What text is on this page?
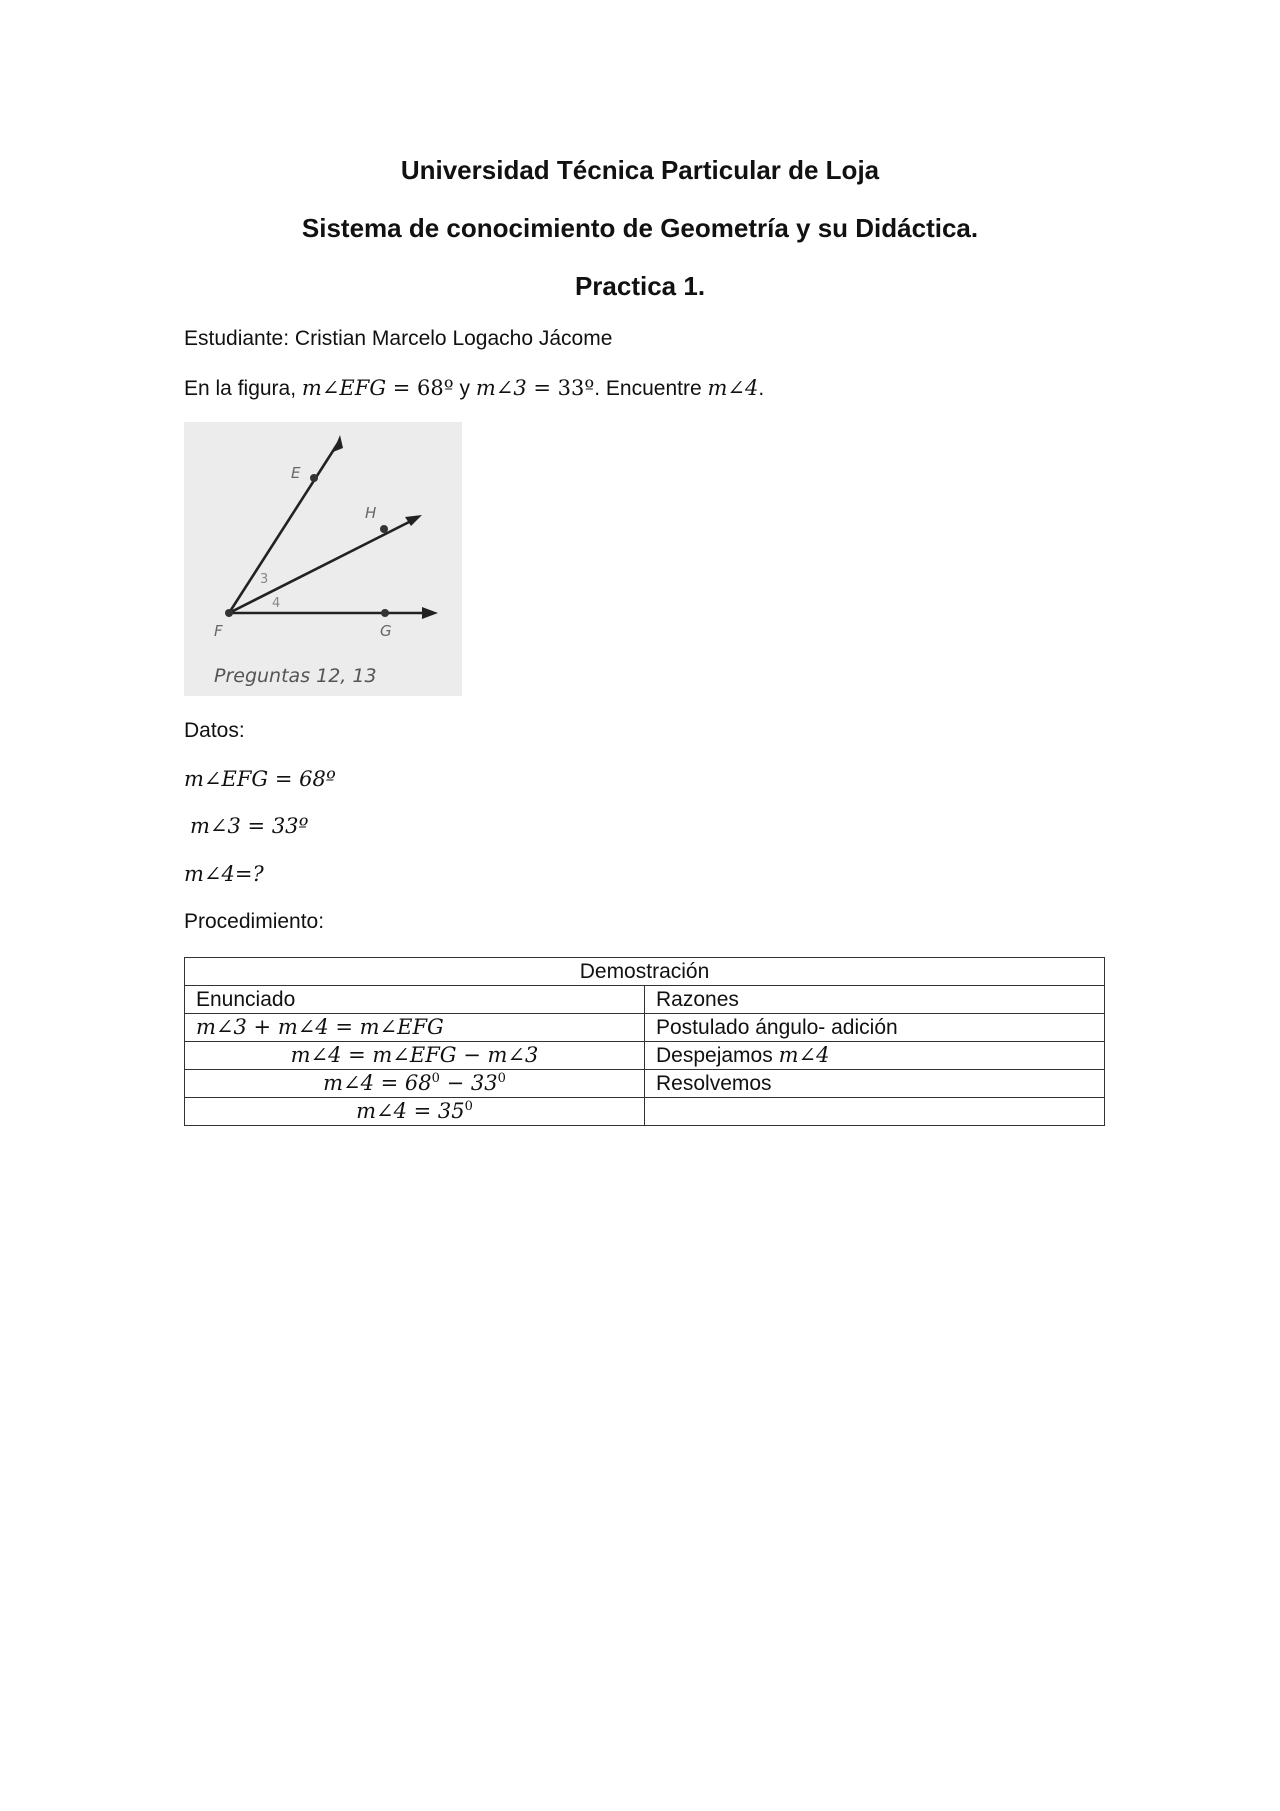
Universidad Técnica Particular de Loja
Sistema de conocimiento de Geometría y su Didáctica.
Practica 1.
Estudiante: Cristian Marcelo Logacho Jácome
En la figura, m∠EFG = 68º y m∠3 = 33º. Encuentre m∠4.
E
H
F	G
3
4
Preguntas 12, 13
Datos:
m∠EFG = 68º
m∠3 = 33º
m∠4=?
Procedimiento:
Demostración	
Enunciado	Razones
m∠3 + m∠4 = m∠EFG	Postulado ángulo- adición
m∠4 = m∠EFG − m∠3	Despejamos m∠4
m∠4 = $68^0 - 33^0$	Resolvemos
m∠4 = $35^0$	
